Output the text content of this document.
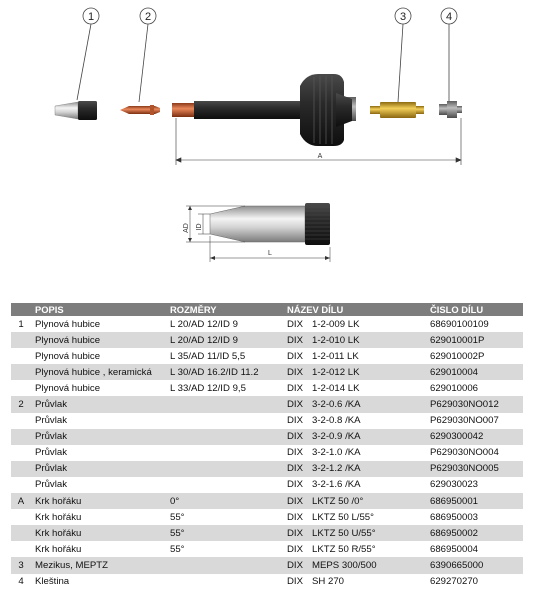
1	2	3	4
A
AD ID
L
	POPIS	ROZMĚRY	NÁZEV DÍLU		ČISLO DÍLU
1	Plynová hubice	L 20/AD 12/ID 9	DIX	1-2-009 LK	68690100109
	Plynová hubice	L 20/AD 12/ID 9	DIX	1-2-010 LK	629010001P
	Plynová hubice	L 35/AD 11/ID 5,5	DIX	1-2-011 LK	629010002P
	Plynová hubice , keramická	L 30/AD 16.2/ID 11.2	DIX	1-2-012 LK	629010004
	Plynová hubice	L 33/AD 12/ID 9,5	DIX	1-2-014 LK	629010006
2	Průvlak		DIX	3-2-0.6 /KA	P629030NO012
	Průvlak		DIX	3-2-0.8 /KA	P629030NO007
	Průvlak		DIX	3-2-0.9 /KA	6290300042
	Průvlak		DIX	3-2-1.0 /KA	P629030NO004
	Průvlak		DIX	3-2-1.2 /KA	P629030NO005
	Průvlak		DIX	3-2-1.6 /KA	629030023
A	Krk hořáku	0°	DIX	LKTZ 50 /0°	686950001
	Krk hořáku	55°	DIX	LKTZ 50 L/55°	686950003
	Krk hořáku	55°	DIX	LKTZ 50 U/55°	686950002
	Krk hořáku	55°	DIX	LKTZ 50 R/55°	686950004
3	Mezikus, MEPTZ		DIX	MEPS 300/500	6390665000
4	Kleština		DIX	SH 270	629270270
